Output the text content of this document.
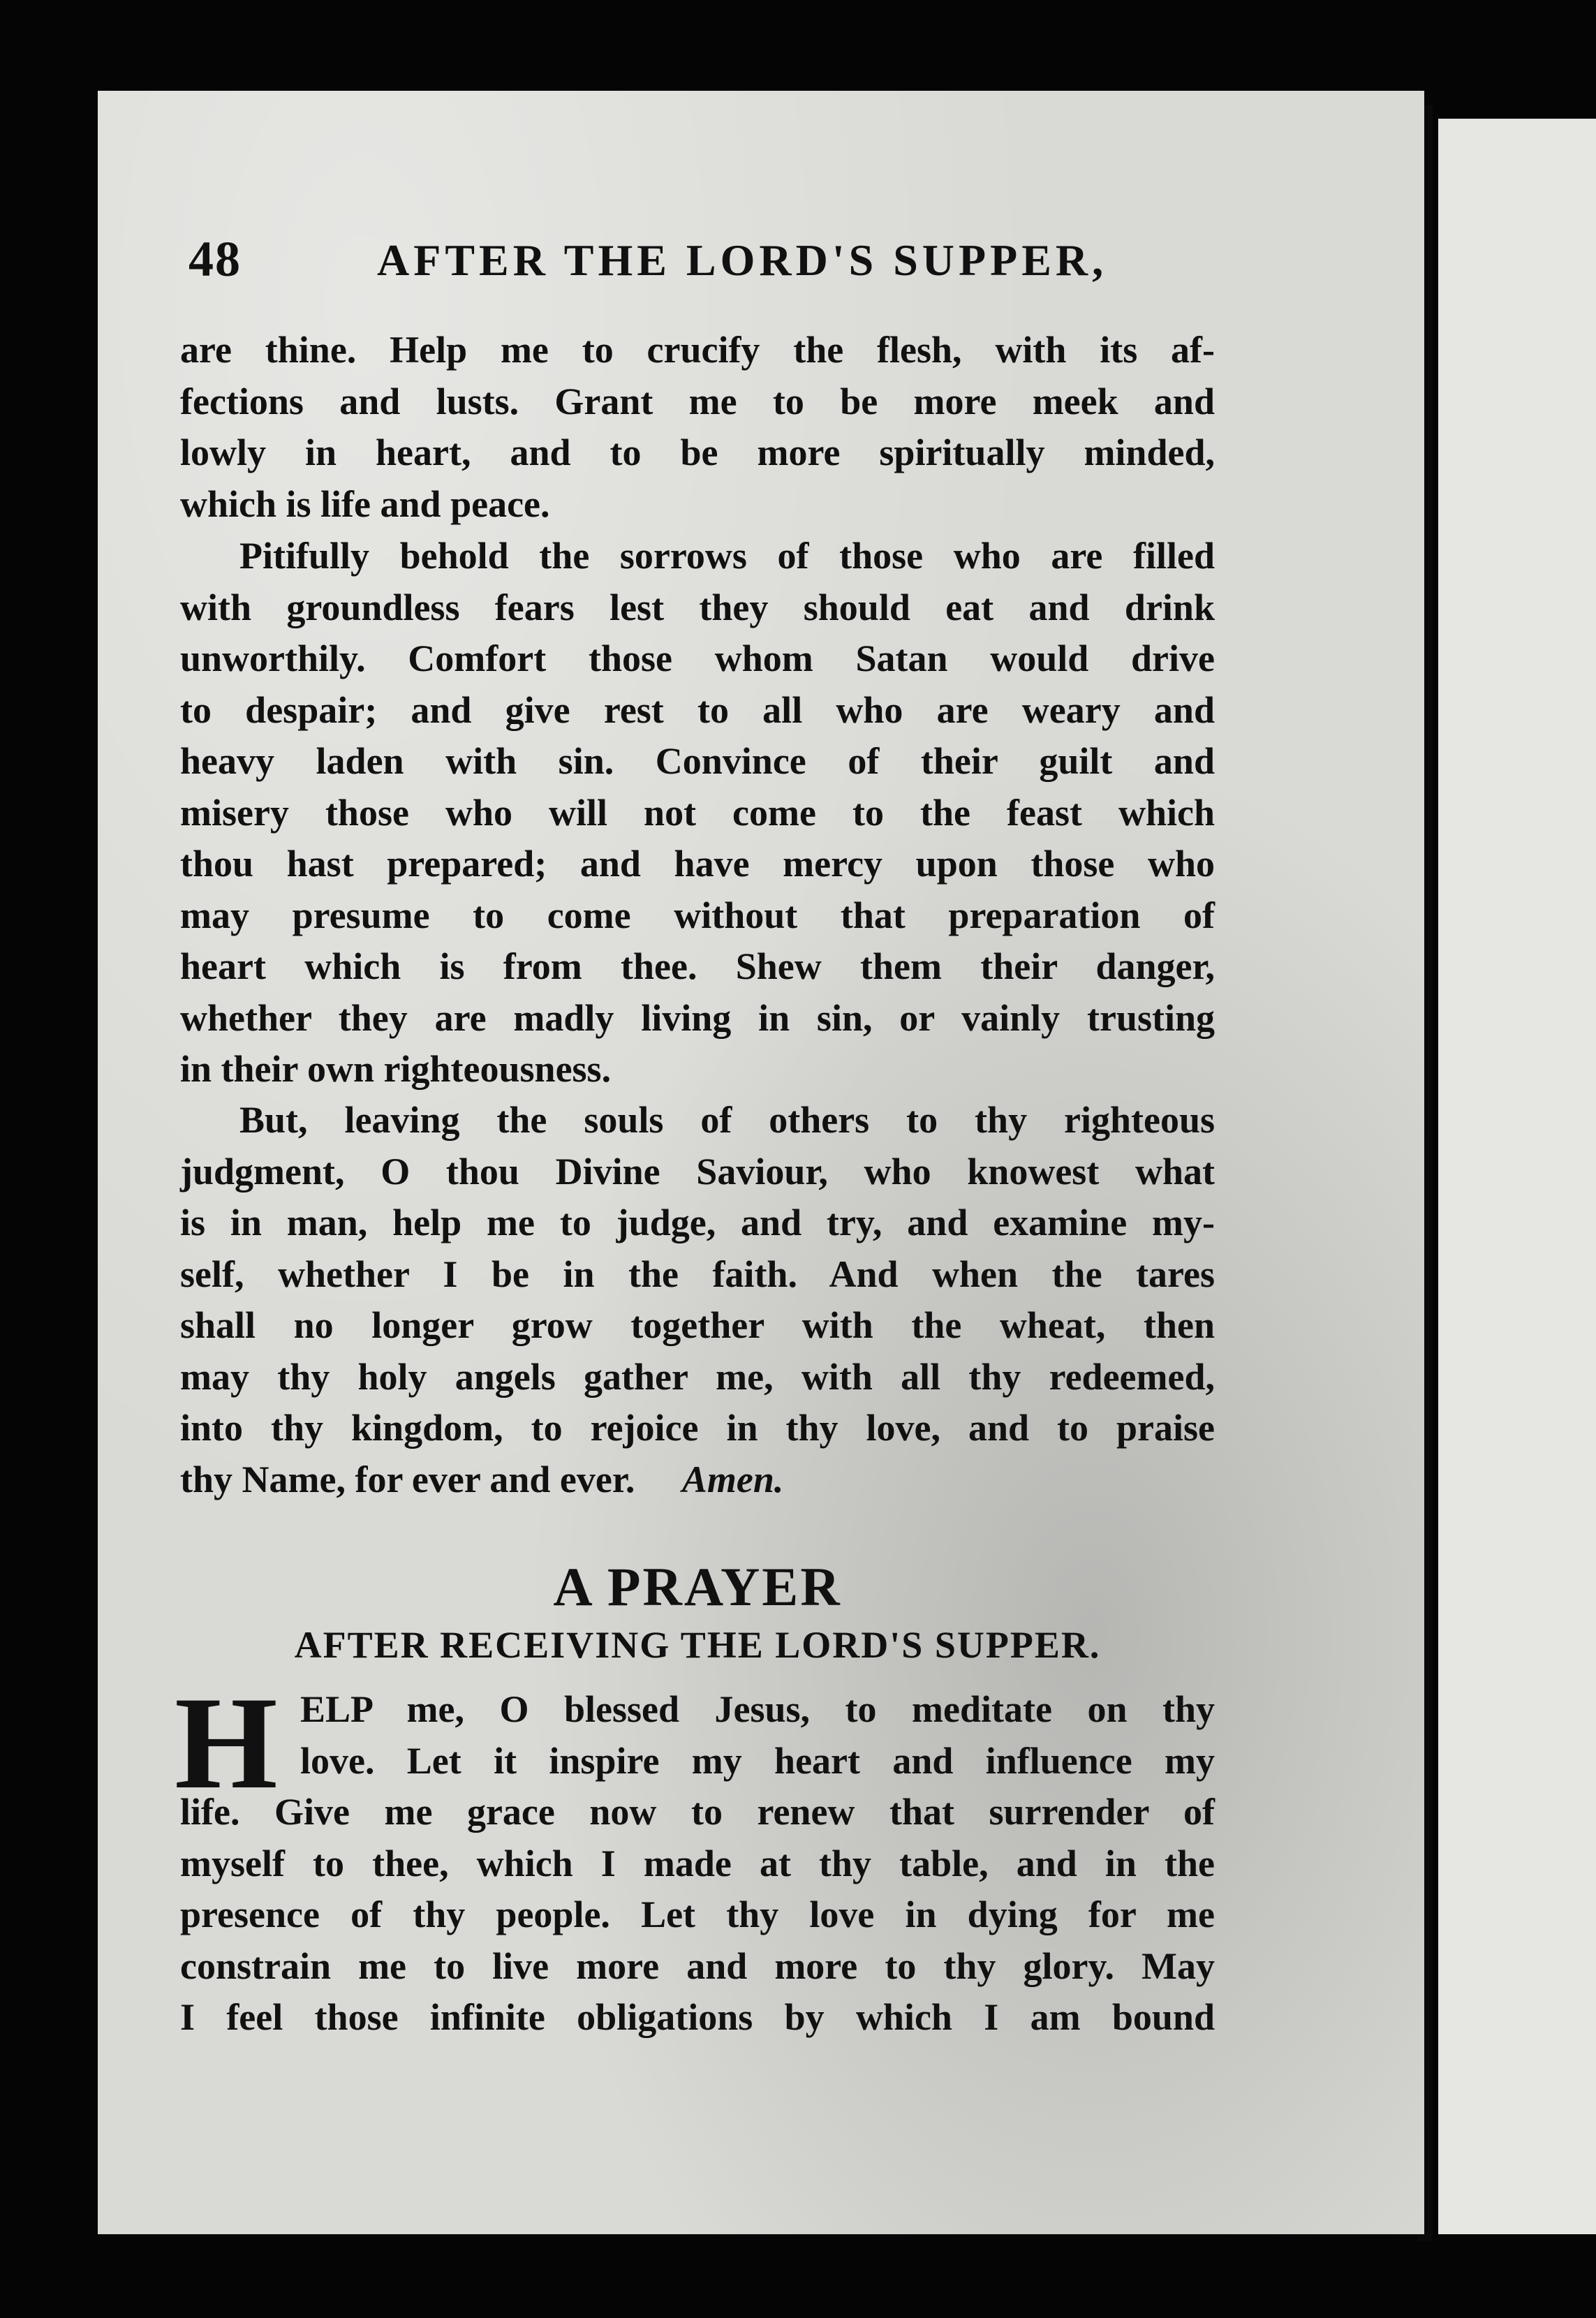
48	AFTER THE LORD'S SUPPER,
are thine. Help me to crucify the flesh, with its af-
fections and lusts. Grant me to be more meek and
lowly in heart, and to be more spiritually minded,
which is life and peace.
Pitifully behold the sorrows of those who are filled
with groundless fears lest they should eat and drink
unworthily. Comfort those whom Satan would drive
to despair; and give rest to all who are weary and
heavy laden with sin. Convince of their guilt and
misery those who will not come to the feast which
thou hast prepared; and have mercy upon those who
may presume to come without that preparation of
heart which is from thee. Shew them their danger,
whether they are madly living in sin, or vainly trusting
in their own righteousness.
But, leaving the souls of others to thy righteous
judgment, O thou Divine Saviour, who knowest what
is in man, help me to judge, and try, and examine my-
self, whether I be in the faith. And when the tares
shall no longer grow together with the wheat, then
may thy holy angels gather me, with all thy redeemed,
into thy kingdom, to rejoice in thy love, and to praise
thy Name, for ever and ever. Amen.
A PRAYER
AFTER RECEIVING THE LORD'S SUPPER.
H ELP me, O blessed Jesus, to meditate on thy
love. Let it inspire my heart and influence my
life. Give me grace now to renew that surrender of
myself to thee, which I made at thy table, and in the
presence of thy people. Let thy love in dying for me
constrain me to live more and more to thy glory. May
I feel those infinite obligations by which I am bound
